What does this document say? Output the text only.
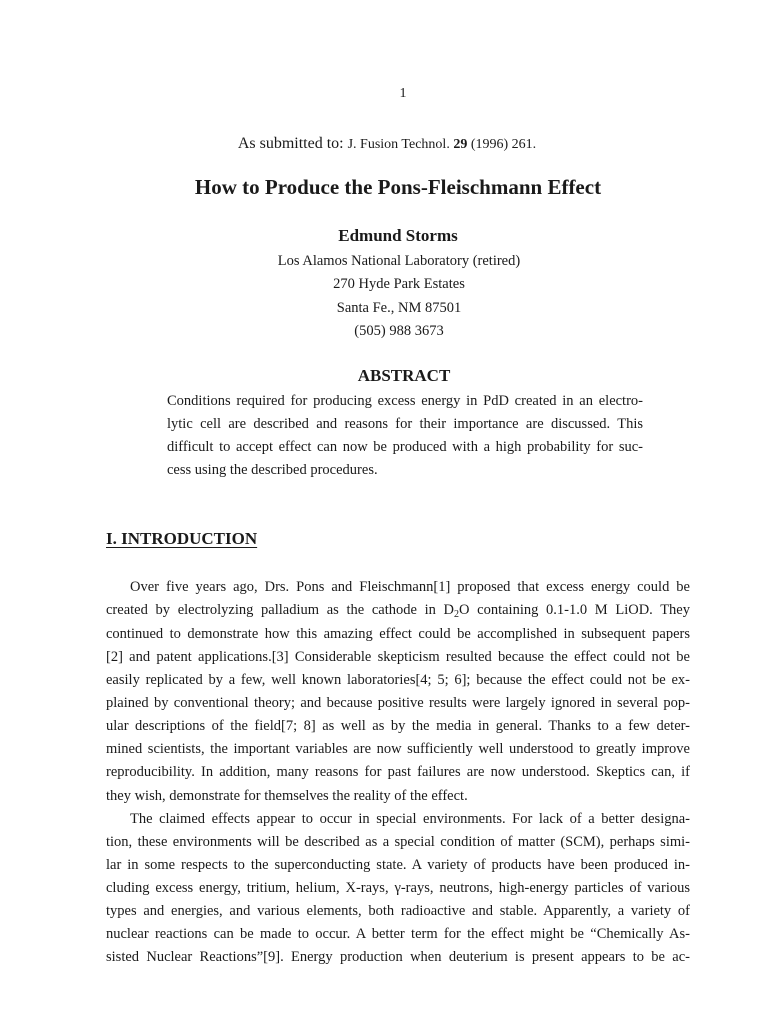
1
As submitted to: J. Fusion Technol. 29 (1996) 261.
How to Produce the Pons-Fleischmann Effect
Edmund Storms
Los Alamos National Laboratory (retired)
270 Hyde Park Estates
Santa Fe., NM 87501
(505) 988 3673
ABSTRACT
Conditions required for producing excess energy in PdD created in an electro-
lytic cell are described and reasons for their importance are discussed. This
difficult to accept effect can now be produced with a high probability for suc-
cess using the described procedures.
I. INTRODUCTION
Over five years ago, Drs. Pons and Fleischmann[1] proposed that excess energy could be
created by electrolyzing palladium as the cathode in $D_2O$ containing 0.1-1.0 M LiOD. They
continued to demonstrate how this amazing effect could be accomplished in subsequent papers
[2] and patent applications.[3] Considerable skepticism resulted because the effect could not be
easily replicated by a few, well known laboratories[4; 5; 6]; because the effect could not be ex-
plained by conventional theory; and because positive results were largely ignored in several pop-
ular descriptions of the field[7; 8] as well as by the media in general. Thanks to a few deter-
mined scientists, the important variables are now sufficiently well understood to greatly improve
reproducibility. In addition, many reasons for past failures are now understood. Skeptics can, if
they wish, demonstrate for themselves the reality of the effect.
The claimed effects appear to occur in special environments. For lack of a better designa-
tion, these environments will be described as a special condition of matter (SCM), perhaps simi-
lar in some respects to the superconducting state. A variety of products have been produced in-
cluding excess energy, tritium, helium, X-rays, γ-rays, neutrons, high-energy particles of various
types and energies, and various elements, both radioactive and stable. Apparently, a variety of
nuclear reactions can be made to occur. A better term for the effect might be “Chemically As-
sisted Nuclear Reactions”[9]. Energy production when deuterium is present appears to be ac-
